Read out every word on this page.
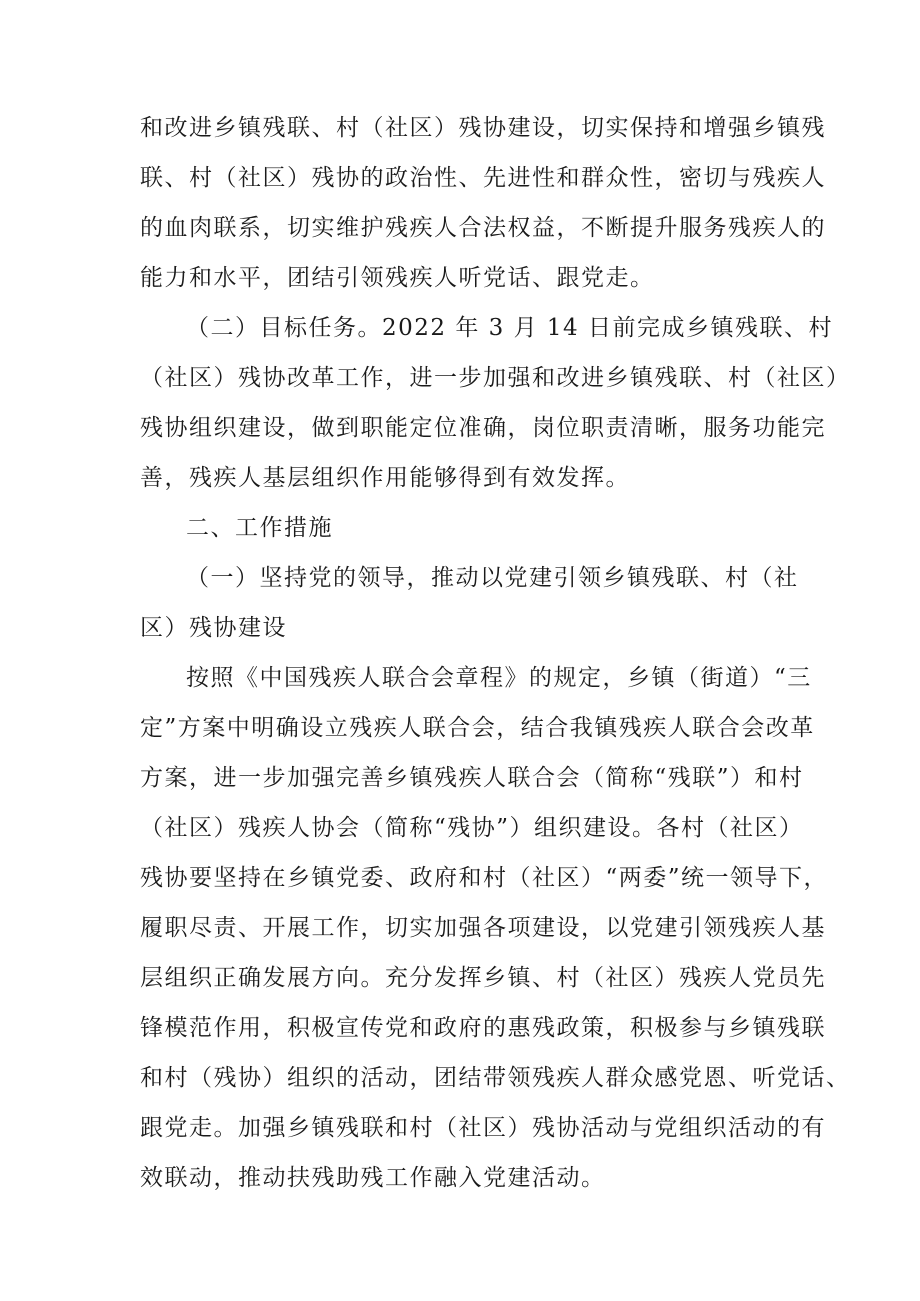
和改进乡镇残联、村（社区）残协建设，切实保持和增强乡镇残
联、村（社区）残协的政治性、先进性和群众性，密切与残疾人
的血肉联系，切实维护残疾人合法权益，不断提升服务残疾人的
能力和水平，团结引领残疾人听党话、跟党走。
（二）目标任务。2022 年 3 月 14 日前完成乡镇残联、村
（社区）残协改革工作，进一步加强和改进乡镇残联、村（社区）
残协组织建设，做到职能定位准确，岗位职责清晰，服务功能完
善，残疾人基层组织作用能够得到有效发挥。
二、工作措施
（一）坚持党的领导，推动以党建引领乡镇残联、村（社
区）残协建设
按照《中国残疾人联合会章程》的规定，乡镇（街道）“三
定”方案中明确设立残疾人联合会，结合我镇残疾人联合会改革
方案，进一步加强完善乡镇残疾人联合会（简称“残联”）和村
（社区）残疾人协会（简称“残协”）组织建设。各村（社区）
残协要坚持在乡镇党委、政府和村（社区）“两委”统一领导下，
履职尽责、开展工作，切实加强各项建设，以党建引领残疾人基
层组织正确发展方向。充分发挥乡镇、村（社区）残疾人党员先
锋模范作用，积极宣传党和政府的惠残政策，积极参与乡镇残联
和村（残协）组织的活动，团结带领残疾人群众感党恩、听党话、
跟党走。加强乡镇残联和村（社区）残协活动与党组织活动的有
效联动，推动扶残助残工作融入党建活动。
